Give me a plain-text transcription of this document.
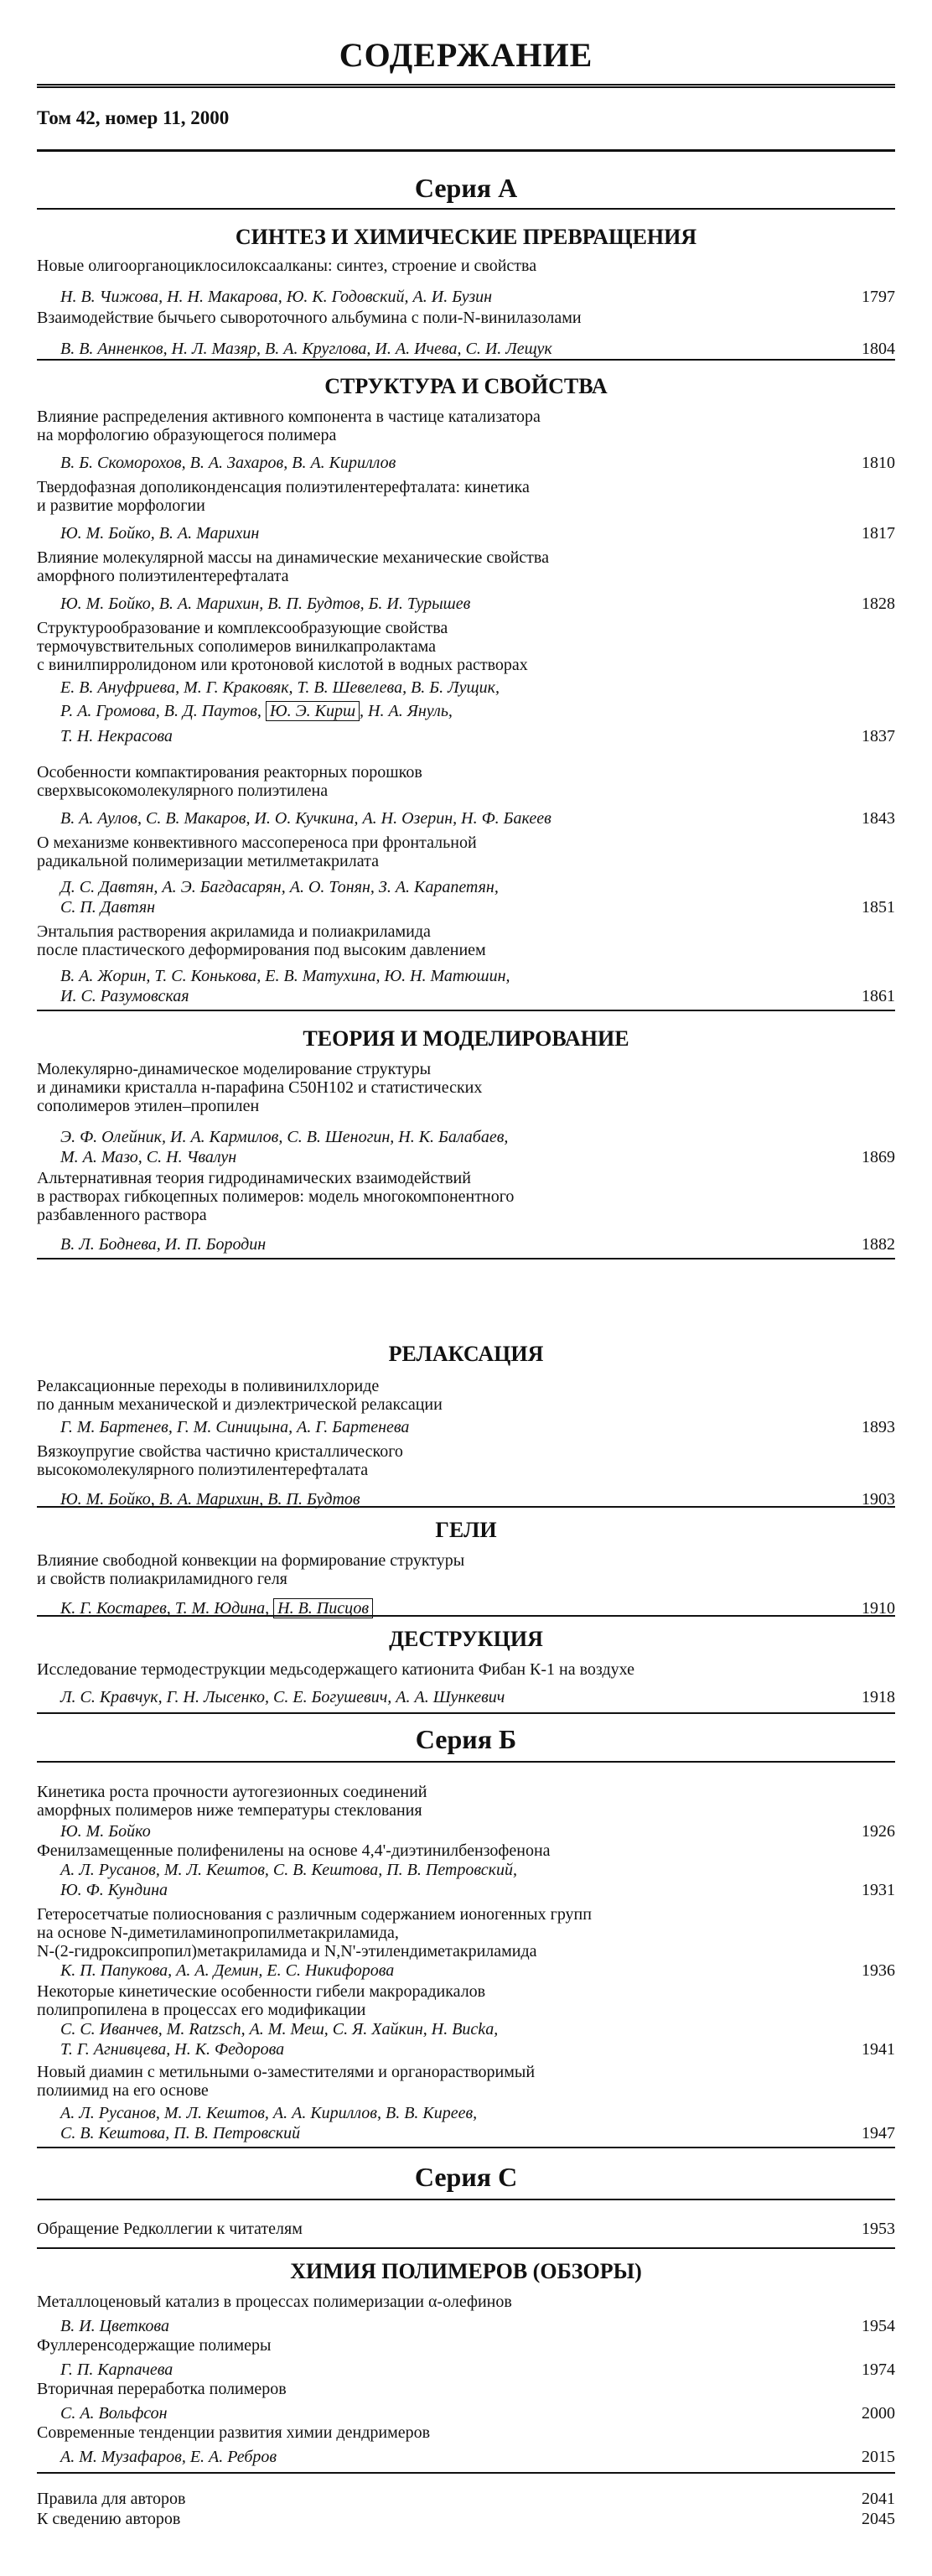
СОДЕРЖАНИЕ
Том 42, номер 11, 2000
Серия А
СИНТЕЗ И ХИМИЧЕСКИЕ ПРЕВРАЩЕНИЯ
Новые олигоорганоциклосилоксаалканы: синтез, строение и свойства
Н. В. Чижова, Н. Н. Макарова, Ю. К. Годовский, А. И. Бузин	1797
Взаимодействие бычьего сывороточного альбумина с поли-N-винилазолами
В. В. Анненков, Н. Л. Мазяр, В. А. Круглова, И. А. Ичева, С. И. Лещук	1804
СТРУКТУРА И СВОЙСТВА
Влияние распределения активного компонента в частице катализатора
на морфологию образующегося полимера
В. Б. Скоморохов, В. А. Захаров, В. А. Кириллов	1810
Твердофазная дополиконденсация полиэтилентерефталата: кинетика
и развитие морфологии
Ю. М. Бойко, В. А. Марихин	1817
Влияние молекулярной массы на динамические механические свойства
аморфного полиэтилентерефталата
Ю. М. Бойко, В. А. Марихин, В. П. Будтов, Б. И. Турышев	1828
Структурообразование и комплексообразующие свойства
термочувствительных сополимеров винилкапролактама
с винилпирролидоном или кротоновой кислотой в водных растворах
Е. В. Ануфриева, М. Г. Краковяк, Т. В. Шевелева, В. Б. Лущик,
Р. А. Громова, В. Д. Паутов, Ю. Э. Кирш , Н. А. Януль,
Т. Н. Некрасова	1837
Особенности компактирования реакторных порошков
сверхвысокомолекулярного полиэтилена
В. А. Аулов, С. В. Макаров, И. О. Кучкина, А. Н. Озерин, Н. Ф. Бакеев	1843
О механизме конвективного массопереноса при фронтальной
радикальной полимеризации метилметакрилата
Д. С. Давтян, А. Э. Багдасарян, А. О. Тонян, З. А. Карапетян,
С. П. Давтян	1851
Энтальпия растворения акриламида и полиакриламида
после пластического деформирования под высоким давлением
В. А. Жорин, Т. С. Конькова, Е. В. Матухина, Ю. Н. Матюшин,
И. С. Разумовская	1861
ТЕОРИЯ И МОДЕЛИРОВАНИЕ
Молекулярно-динамическое моделирование структуры
и динамики кристалла н-парафина C50H102 и статистических
сополимеров этилен–пропилен
Э. Ф. Олейник, И. А. Кармилов, С. В. Шеногин, Н. К. Балабаев,
М. А. Мазо, С. Н. Чвалун	1869
Альтернативная теория гидродинамических взаимодействий
в растворах гибкоцепных полимеров: модель многокомпонентного
разбавленного раствора
В. Л. Боднева, И. П. Бородин	1882
РЕЛАКСАЦИЯ
Релаксационные переходы в поливинилхлориде
по данным механической и диэлектрической релаксации
Г. М. Бартенев, Г. М. Синицына, А. Г. Бартенева	1893
Вязкоупругие свойства частично кристаллического
высокомолекулярного полиэтилентерефталата
Ю. М. Бойко, В. А. Марихин, В. П. Будтов	1903
ГЕЛИ
Влияние свободной конвекции на формирование структуры
и свойств полиакриламидного геля
К. Г. Костарев, Т. М. Юдина, Н. В. Писцов	1910
ДЕСТРУКЦИЯ
Исследование термодеструкции медьсодержащего катионита Фибан К-1 на воздухе
Л. С. Кравчук, Г. Н. Лысенко, С. Е. Богушевич, А. А. Шункевич	1918
Серия Б
Кинетика роста прочности аутогезионных соединений
аморфных полимеров ниже температуры стеклования
Ю. М. Бойко	1926
Фенилзамещенные полифенилены на основе 4,4'-диэтинилбензофенона
А. Л. Русанов, М. Л. Кештов, С. В. Кештова, П. В. Петровский,
Ю. Ф. Кундина	1931
Гетеросетчатые полиосновaния с различным содержанием ионогенных групп
на основе N-диметиламинопропилметакриламида,
N-(2-гидроксипропил)метакриламида и N,N'-этилендиметакриламида
К. П. Папукова, А. А. Демин, Е. С. Никифорова	1936
Некоторые кинетические особенности гибели макрорадикалов
полипропилена в процессах его модификации
С. С. Иванчев, М. Ratzsch, А. М. Меш, С. Я. Хайкин, Н. Bucka,
Т. Г. Агнивцева, Н. К. Федорова	1941
Новый диамин с метильными о-заместителями и органорастворимый
полиимид на его основе
А. Л. Русанов, М. Л. Кештов, А. А. Кириллов, В. В. Киреев,
С. В. Кештова, П. В. Петровский	1947
Серия С
Обращение Редколлегии к читателям	1953
ХИМИЯ ПОЛИМЕРОВ (ОБЗОРЫ)
Металлоценовый катализ в процессах полимеризации α-олефинов
В. И. Цветкова	1954
Фуллеренсодержащие полимеры
Г. П. Карпачева	1974
Вторичная переработка полимеров
С. А. Вольфсон	2000
Современные тенденции развития химии дендримеров
А. М. Музафаров, Е. А. Ребров	2015
Правила для авторов	2041
К сведению авторов	2045
